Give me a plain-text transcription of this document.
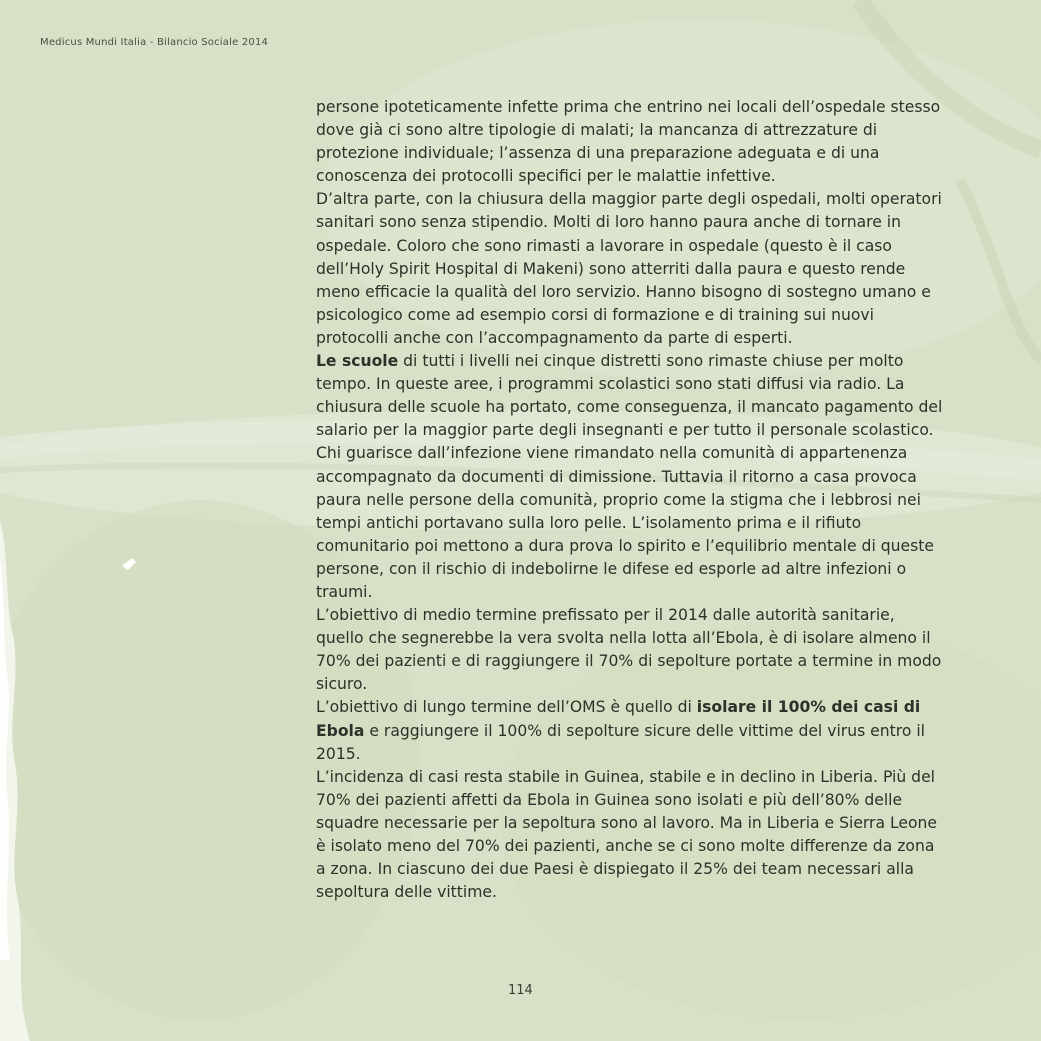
Medicus Mundi Italia - Bilancio Sociale 2014

persone ipoteticamente infette prima che entrino nei locali dell’ospedale stesso dove già ci sono altre tipologie di malati; la mancanza di attrezzature di protezione individuale; l’assenza di una preparazione adeguata e di una conoscenza dei protocolli specifici per le malattie infettive.

D’altra parte, con la chiusura della maggior parte degli ospedali, molti operatori sanitari sono senza stipendio. Molti di loro hanno paura anche di tornare in ospedale. Coloro che sono rimasti a lavorare in ospedale (questo è il caso dell’Holy Spirit Hospital di Makeni) sono atterriti dalla paura e questo rende meno efficacie la qualità del loro servizio. Hanno bisogno di sostegno umano e psicologico come ad esempio corsi di formazione e di training sui nuovi protocolli anche con l’accompagnamento da parte di esperti.

Le scuole di tutti i livelli nei cinque distretti sono rimaste chiuse per molto tempo. In queste aree, i programmi scolastici sono stati diffusi via radio. La chiusura delle scuole ha portato, come conseguenza, il mancato pagamento del salario per la maggior parte degli insegnanti e per tutto il personale scolastico.

Chi guarisce dall’infezione viene rimandato nella comunità di appartenenza accompagnato da documenti di dimissione. Tuttavia il ritorno a casa provoca paura nelle persone della comunità, proprio come la stigma che i lebbrosi nei tempi antichi portavano sulla loro pelle. L’isolamento prima e il rifiuto comunitario poi mettono a dura prova lo spirito e l’equilibrio mentale di queste persone, con il rischio di indebolirne le difese ed esporle ad altre infezioni o traumi.

L’obiettivo di medio termine prefissato per il 2014 dalle autorità sanitarie, quello che segnerebbe la vera svolta nella lotta all’Ebola, è di isolare almeno il 70% dei pazienti e di raggiungere il 70% di sepolture portate a termine in modo sicuro.

L’obiettivo di lungo termine dell’OMS è quello di isolare il 100% dei casi di Ebola e raggiungere il 100% di sepolture sicure delle vittime del virus entro il 2015.

L’incidenza di casi resta stabile in Guinea, stabile e in declino in Liberia. Più del 70% dei pazienti affetti da Ebola in Guinea sono isolati e più dell’80% delle squadre necessarie per la sepoltura sono al lavoro. Ma in Liberia e Sierra Leone è isolato meno del 70% dei pazienti, anche se ci sono molte differenze da zona a zona. In ciascuno dei due Paesi è dispiegato il 25% dei team necessari alla sepoltura delle vittime.

114
